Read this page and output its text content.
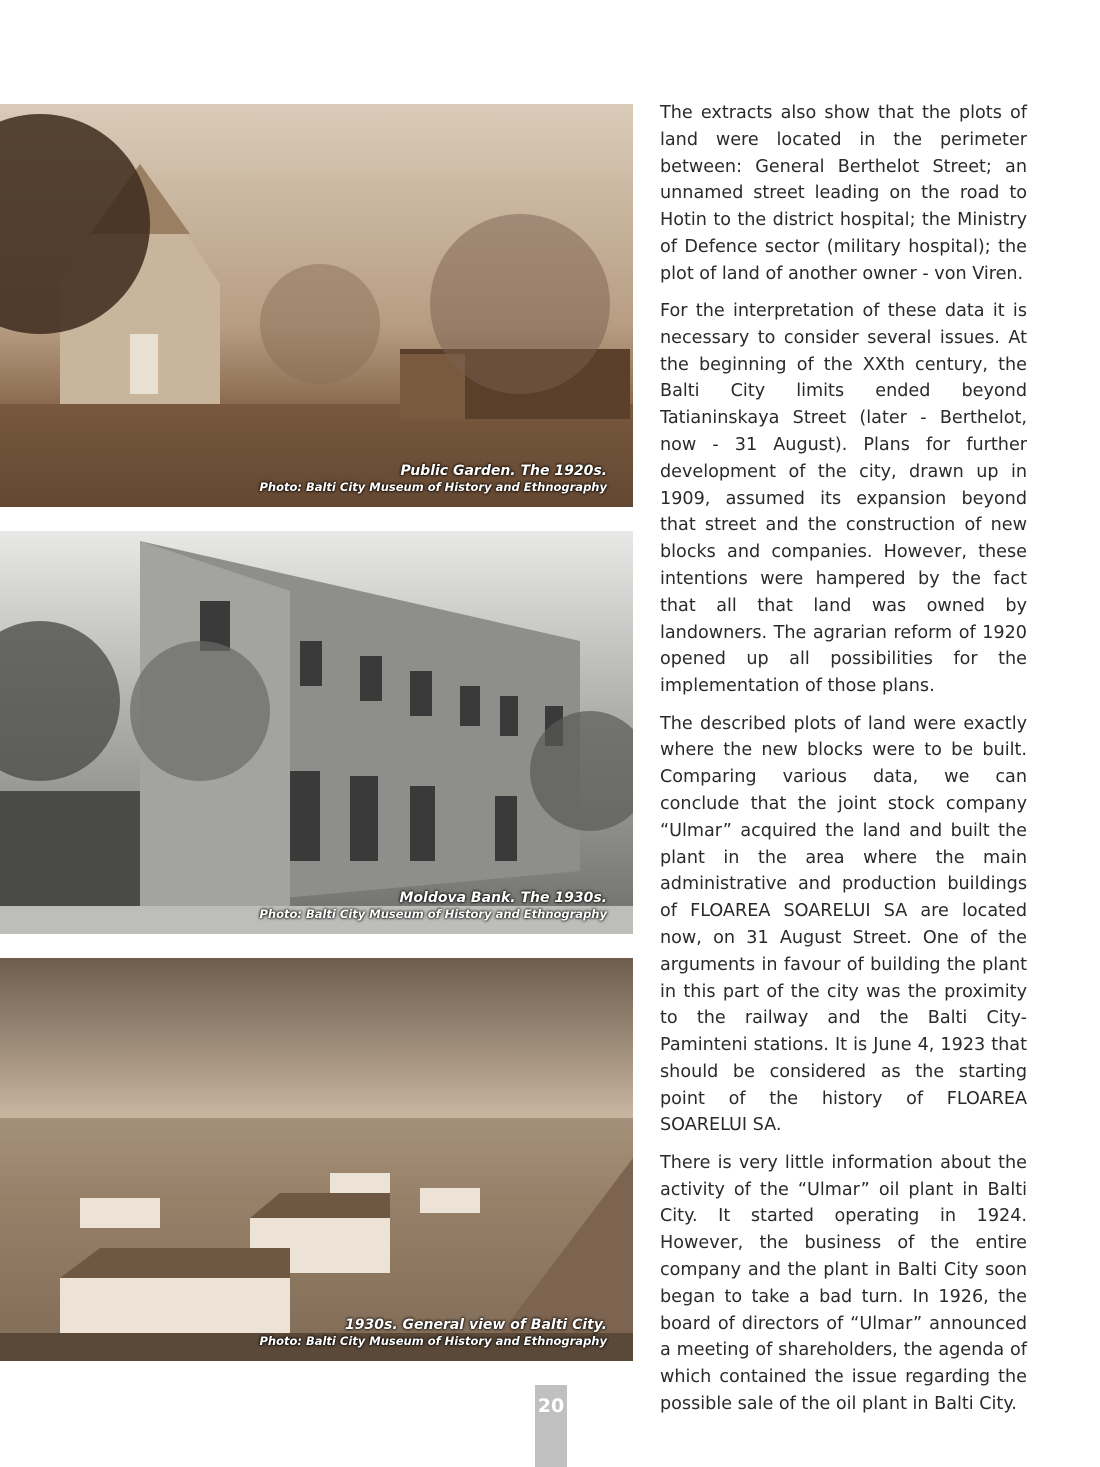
Public Garden. The 1920s.
Photo: Balti City Museum of History and Ethnography
Moldova Bank. The 1930s.
Photo: Balti City Museum of History and Ethnography
1930s. General view of Balti City.
Photo: Balti City Museum of History and Ethnography

The extracts also show that the plots of land were located in the perimeter between: General Berthelot Street; an unnamed street leading on the road to Hotin to the district hospital; the Ministry of Defence sector (military hospital); the plot of land of another owner - von Viren.

For the interpretation of these data it is necessary to consider several issues. At the beginning of the XXth century, the Balti City limits ended beyond Tatianinskaya Street (later - Berthelot, now - 31 August). Plans for further development of the city, drawn up in 1909, assumed its expansion beyond that street and the construction of new blocks and companies. However, these intentions were hampered by the fact that all that land was owned by landowners. The agrarian reform of 1920 opened up all possibilities for the implementation of those plans.

The described plots of land were exactly where the new blocks were to be built. Comparing various data, we can conclude that the joint stock company “Ulmar” acquired the land and built the plant in the area where the main administrative and production buildings of FLOAREA SOARELUI SA are located now, on 31 August Street. One of the arguments in favour of building the plant in this part of the city was the proximity to the railway and the Balti City-Paminteni stations. It is June 4, 1923 that should be considered as the starting point of the history of FLOAREA SOARELUI SA.

There is very little information about the activity of the “Ulmar” oil plant in Balti City. It started operating in 1924. However, the business of the entire company and the plant in Balti City soon began to take a bad turn. In 1926, the board of directors of “Ulmar” announced a meeting of shareholders, the agenda of which contained the issue regarding the possible sale of the oil plant in Balti City.

20
